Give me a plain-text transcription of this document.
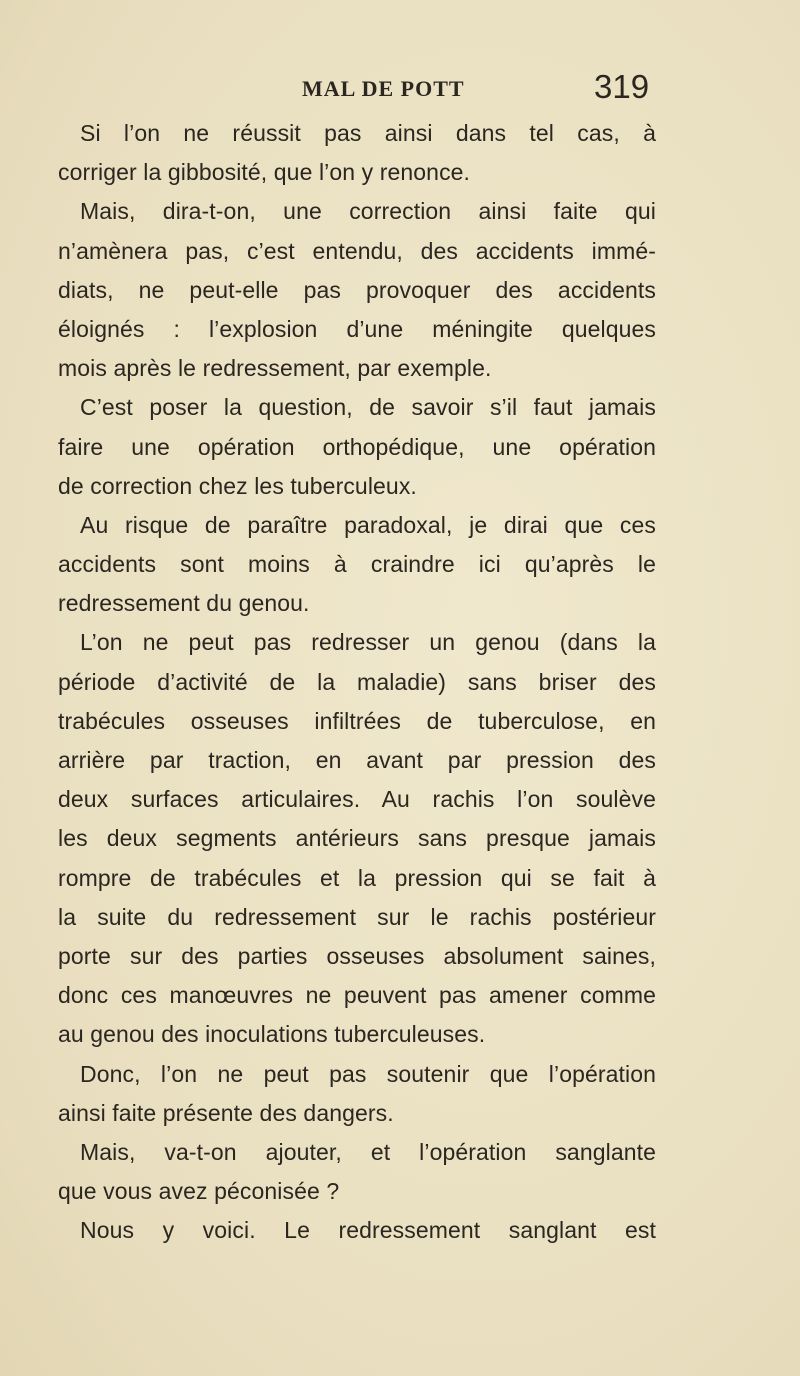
MAL DE POTT	319
Si l’on ne réussit pas ainsi dans tel cas, à
corriger la gibbosité, que l’on y renonce.
Mais, dira-t-on, une correction ainsi faite qui
n’amènera pas, c’est entendu, des accidents immé-
diats, ne peut-elle pas provoquer des accidents
éloignés : l’explosion d’une méningite quelques
mois après le redressement, par exemple.
C’est poser la question, de savoir s’il faut jamais
faire une opération orthopédique, une opération
de correction chez les tuberculeux.
Au risque de paraître paradoxal, je dirai que ces
accidents sont moins à craindre ici qu’après le
redressement du genou.
L’on ne peut pas redresser un genou (dans la
période d’activité de la maladie) sans briser des
trabécules osseuses infiltrées de tuberculose, en
arrière par traction, en avant par pression des
deux surfaces articulaires. Au rachis l’on soulève
les deux segments antérieurs sans presque jamais
rompre de trabécules et la pression qui se fait à
la suite du redressement sur le rachis postérieur
porte sur des parties osseuses absolument saines,
donc ces manœuvres ne peuvent pas amener comme
au genou des inoculations tuberculeuses.
Donc, l’on ne peut pas soutenir que l’opération
ainsi faite présente des dangers.
Mais, va-t-on ajouter, et l’opération sanglante
que vous avez péconisée ?
Nous y voici. Le redressement sanglant est
